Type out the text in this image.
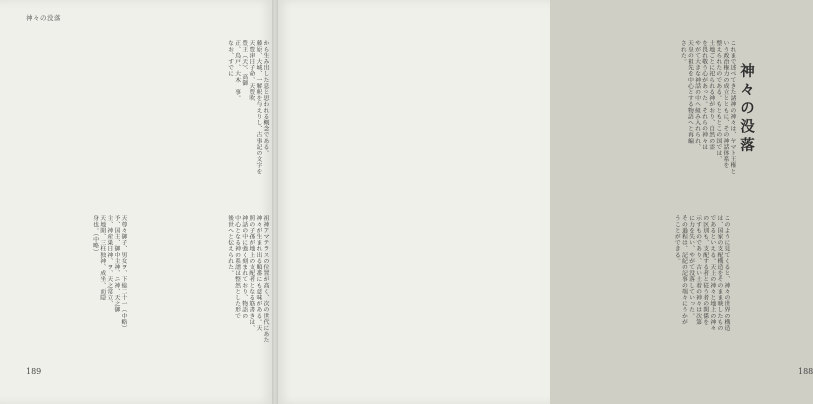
神々の没落

から生み出した息と思われる概念である。

藤原、大城、一解釈を与えりし、古事記の文字を

天豊津日子命、天豊吹

豊王（天）、高御

正、鳥戸、大木 事。

なお、すでに

祖神アマテラスの位置が高く、次の世代にあた

神々が生まれ出る順番にも意味がある。天

照の子孫が地上の支配者となる筋書きは、

神話の中に強く刻まれており、物語の

中心となる神の系譜は整然とした形で

後世へと伝えられた。

天尊々御子、男女ヲ、下総二十一（中略）

予、国主、御中主神、ニ神、天之御

主、神産巣日神、ヲ、天之常立、

天地開、三柱独神、成坐、而隠

身也。（中略）

189
神々の没落

これまで述べてきた諸神の神々は、ヤマト王権と

いう政治権力の成立とともに、その神話体系を

整えられたのである。もともとこの国では、

土地ごとに祀られる神がおり、自然の霊

を畏れ敬う心があった。それらの神々は

やがて大きな神話の中へ組み入れられ、

天皇の祖先を中心とする物語へと再編

された。

このように見てくると、神々の世界の構造

は、国家の支配構造をそのまま映したもの

であるといえる。天上の神々と地上の神々

の区別も、支配する者と従う者の関係を

示すものであり、古い土着の神々は次第

に力を失い、やがて没落していった。

その過程は、記紀の記事の端々にうかが

うことができる。

188
